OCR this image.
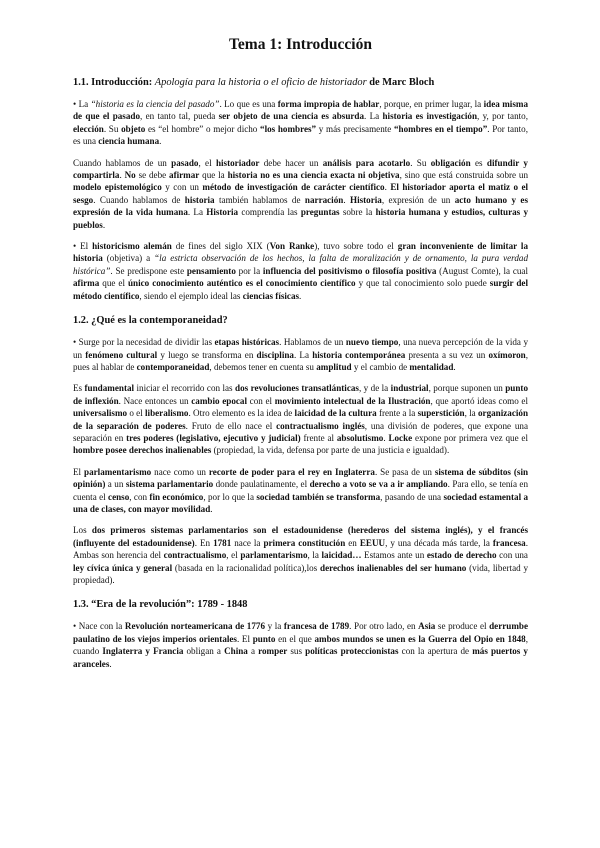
Tema 1: Introducción
1.1. Introducción: Apología para la historia o el oficio de historiador de Marc Bloch

• La “historia es la ciencia del pasado”. Lo que es una forma impropia de hablar, porque, en primer lugar, la idea misma de que el pasado, en tanto tal, pueda ser objeto de una ciencia es absurda. La historia es investigación, y, por tanto, elección. Su objeto es “el hombre” o mejor dicho “los hombres” y más precisamente “hombres en el tiempo”. Por tanto, es una ciencia humana.

Cuando hablamos de un pasado, el historiador debe hacer un análisis para acotarlo. Su obligación es difundir y compartirla. No se debe afirmar que la historia no es una ciencia exacta ni objetiva, sino que está construida sobre un modelo epistemológico y con un método de investigación de carácter científico. El historiador aporta el matiz o el sesgo. Cuando hablamos de historia también hablamos de narración. Historia, expresión de un acto humano y es expresión de la vida humana. La Historia comprendía las preguntas sobre la historia humana y estudios, culturas y pueblos.

• El historicismo alemán de fines del siglo XIX (Von Ranke), tuvo sobre todo el gran inconveniente de limitar la historia (objetiva) a “la estricta observación de los hechos, la falta de moralización y de ornamento, la pura verdad histórica”. Se predispone este pensamiento por la influencia del positivismo o filosofía positiva (August Comte), la cual afirma que el único conocimiento auténtico es el conocimiento científico y que tal conocimiento solo puede surgir del método científico, siendo el ejemplo ideal las ciencias físicas.

1.2. ¿Qué es la contemporaneidad?

• Surge por la necesidad de dividir las etapas históricas. Hablamos de un nuevo tiempo, una nueva percepción de la vida y un fenómeno cultural y luego se transforma en disciplina. La historia contemporánea presenta a su vez un oxímoron, pues al hablar de contemporaneidad, debemos tener en cuenta su amplitud y el cambio de mentalidad.

Es fundamental iniciar el recorrido con las dos revoluciones transatlánticas, y de la industrial, porque suponen un punto de inflexión. Nace entonces un cambio epocal con el movimiento intelectual de la Ilustración, que aportó ideas como el universalismo o el liberalismo. Otro elemento es la idea de laicidad de la cultura frente a la superstición, la organización de la separación de poderes. Fruto de ello nace el contractualismo inglés, una división de poderes, que expone una separación en tres poderes (legislativo, ejecutivo y judicial) frente al absolutismo. Locke expone por primera vez que el hombre posee derechos inalienables (propiedad, la vida, defensa por parte de una justicia e igualdad).

El parlamentarismo nace como un recorte de poder para el rey en Inglaterra. Se pasa de un sistema de súbditos (sin opinión) a un sistema parlamentario donde paulatinamente, el derecho a voto se va a ir ampliando. Para ello, se tenía en cuenta el censo, con fin económico, por lo que la sociedad también se transforma, pasando de una sociedad estamental a una de clases, con mayor movilidad.

Los dos primeros sistemas parlamentarios son el estadounidense (herederos del sistema inglés), y el francés (influyente del estadounidense). En 1781 nace la primera constitución en EEUU, y una década más tarde, la francesa. Ambas son herencia del contractualismo, el parlamentarismo, la laicidad… Estamos ante un estado de derecho con una ley cívica única y general (basada en la racionalidad política),los derechos inalienables del ser humano (vida, libertad y propiedad).

1.3. “Era de la revolución”: 1789 - 1848

• Nace con la Revolución norteamericana de 1776 y la francesa de 1789. Por otro lado, en Asia se produce el derrumbe paulatino de los viejos imperios orientales. El punto en el que ambos mundos se unen es la Guerra del Opio en 1848, cuando Inglaterra y Francia obligan a China a romper sus políticas proteccionistas con la apertura de más puertos y aranceles.
